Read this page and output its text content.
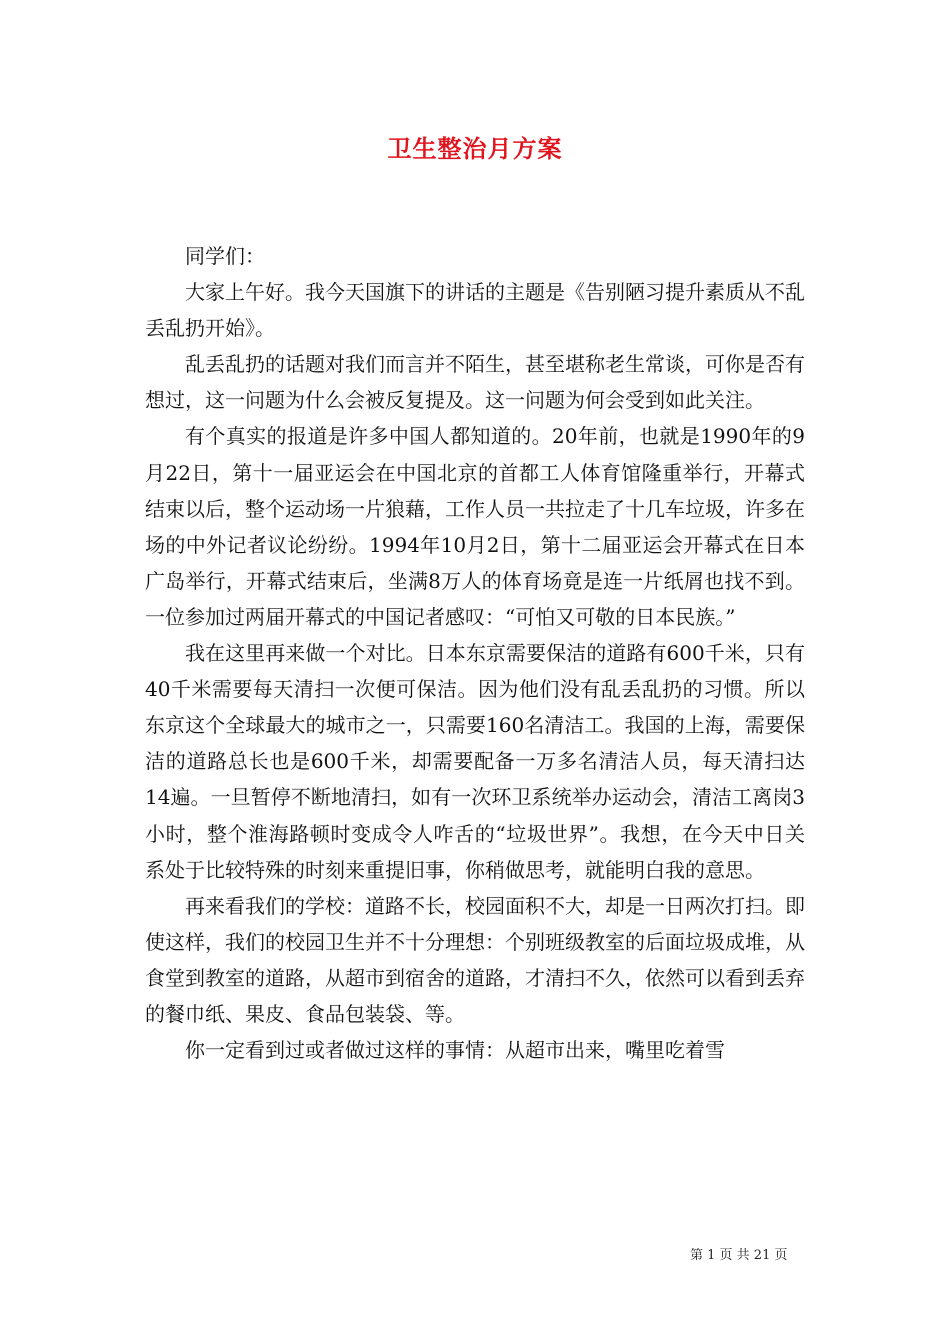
卫生整治月方案

同学们：

大家上午好。我今天国旗下的讲话的主题是《告别陋习提升素质从不乱丢乱扔开始》。

乱丢乱扔的话题对我们而言并不陌生，甚至堪称老生常谈，可你是否有想过，这一问题为什么会被反复提及。这一问题为何会受到如此关注。

有个真实的报道是许多中国人都知道的。20年前，也就是1990年的9月22日，第十一届亚运会在中国北京的首都工人体育馆隆重举行，开幕式结束以后，整个运动场一片狼藉，工作人员一共拉走了十几车垃圾，许多在场的中外记者议论纷纷。1994年10月2日，第十二届亚运会开幕式在日本广岛举行，开幕式结束后，坐满8万人的体育场竟是连一片纸屑也找不到。一位参加过两届开幕式的中国记者感叹：“可怕又可敬的日本民族。”

我在这里再来做一个对比。日本东京需要保洁的道路有600千米，只有40千米需要每天清扫一次便可保洁。因为他们没有乱丢乱扔的习惯。所以东京这个全球最大的城市之一，只需要160名清洁工。我国的上海，需要保洁的道路总长也是600千米，却需要配备一万多名清洁人员，每天清扫达14遍。一旦暂停不断地清扫，如有一次环卫系统举办运动会，清洁工离岗3小时，整个淮海路顿时变成令人咋舌的“垃圾世界”。我想，在今天中日关系处于比较特殊的时刻来重提旧事，你稍做思考，就能明白我的意思。

再来看我们的学校：道路不长，校园面积不大，却是一日两次打扫。即使这样，我们的校园卫生并不十分理想：个别班级教室的后面垃圾成堆，从食堂到教室的道路，从超市到宿舍的道路，才清扫不久，依然可以看到丢弃的餐巾纸、果皮、食品包装袋、等。

你一定看到过或者做过这样的事情：从超市出来，嘴里吃着雪

第 1 页 共 21 页
